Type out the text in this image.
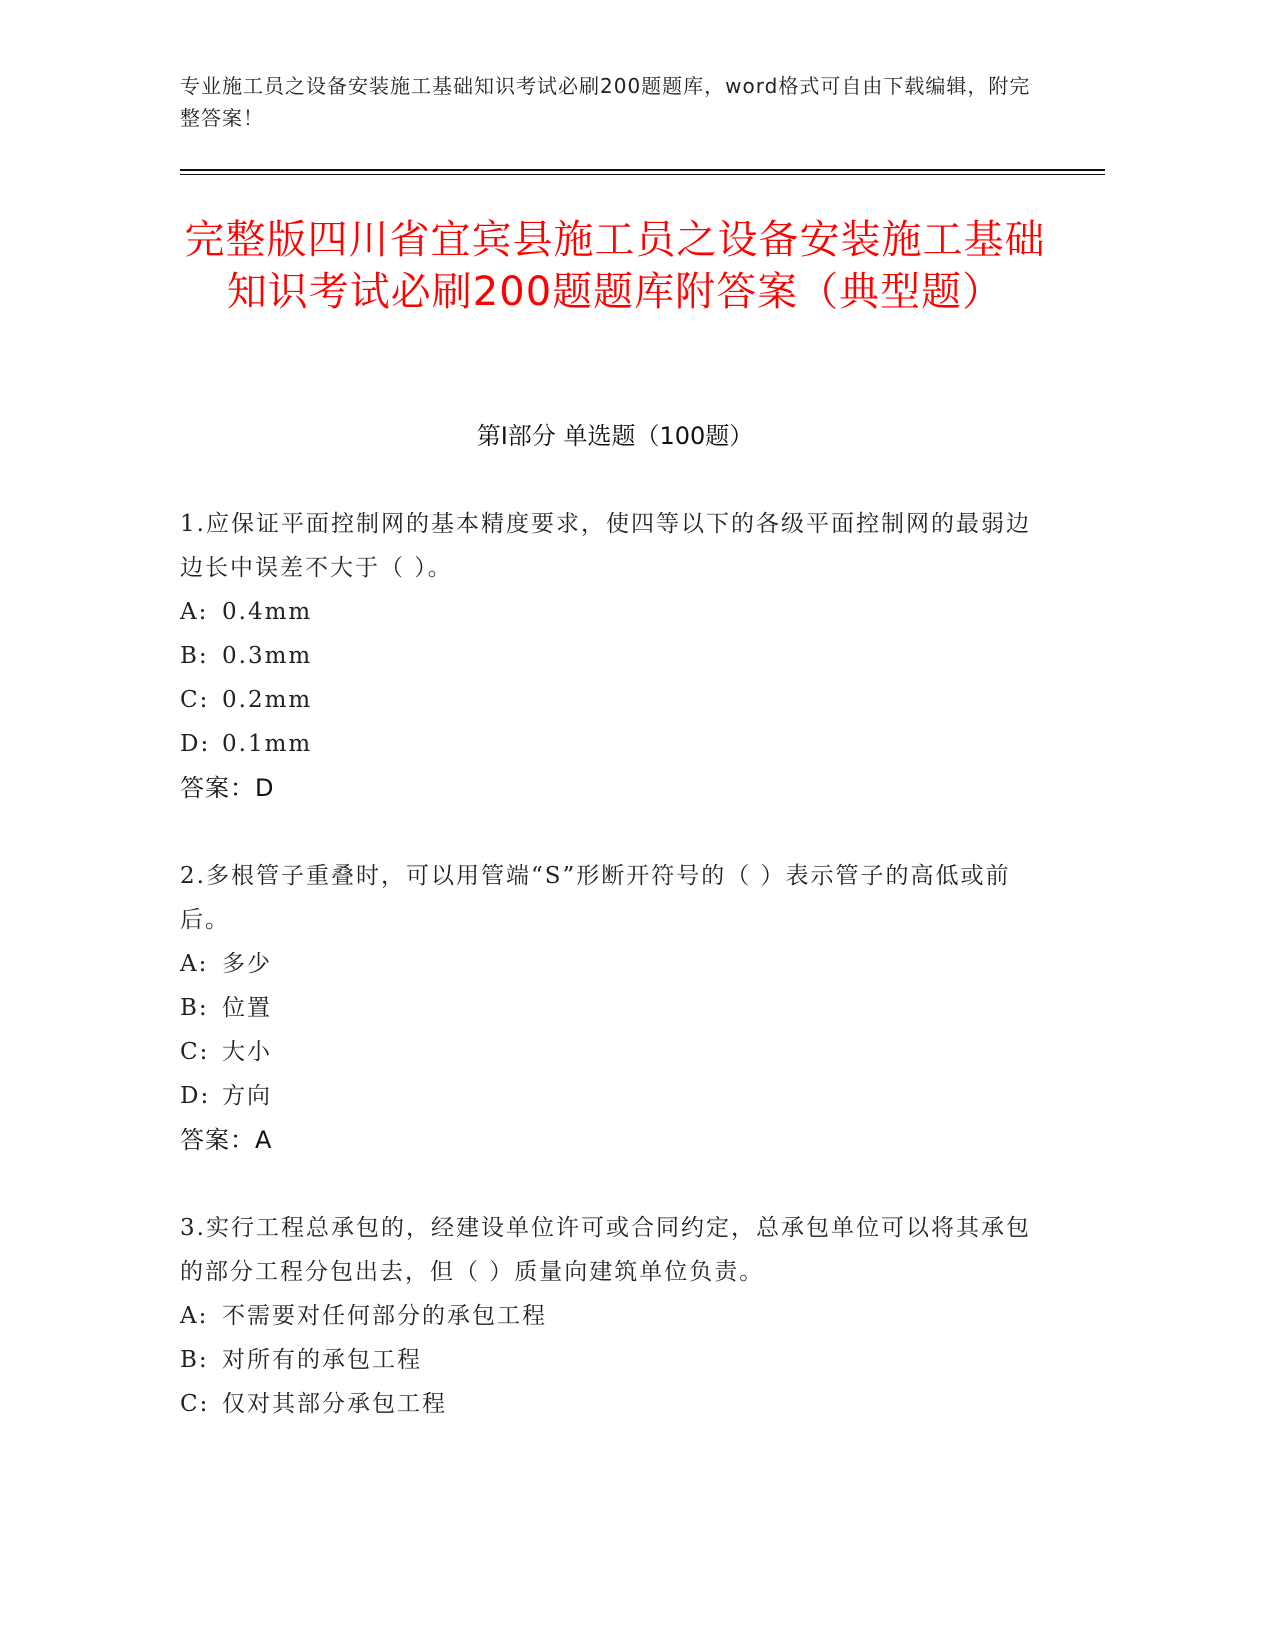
专业施工员之设备安装施工基础知识考试必刷200题题库，word格式可自由下载编辑，附完整答案！
完整版四川省宜宾县施工员之设备安装施工基础知识考试必刷200题题库附答案（典型题）
第I部分 单选题（100题）

1.应保证平面控制网的基本精度要求，使四等以下的各级平面控制网的最弱边边长中误差不大于（ ）。

A: 0.4mm

B: 0.3mm

C: 0.2mm

D: 0.1mm

答案：D

2.多根管子重叠时，可以用管端“S”形断开符号的（ ）表示管子的高低或前后。

A: 多少

B: 位置

C: 大小

D: 方向

答案：A

3.实行工程总承包的，经建设单位许可或合同约定，总承包单位可以将其承包的部分工程分包出去，但（ ）质量向建筑单位负责。

A: 不需要对任何部分的承包工程

B: 对所有的承包工程

C: 仅对其部分承包工程
